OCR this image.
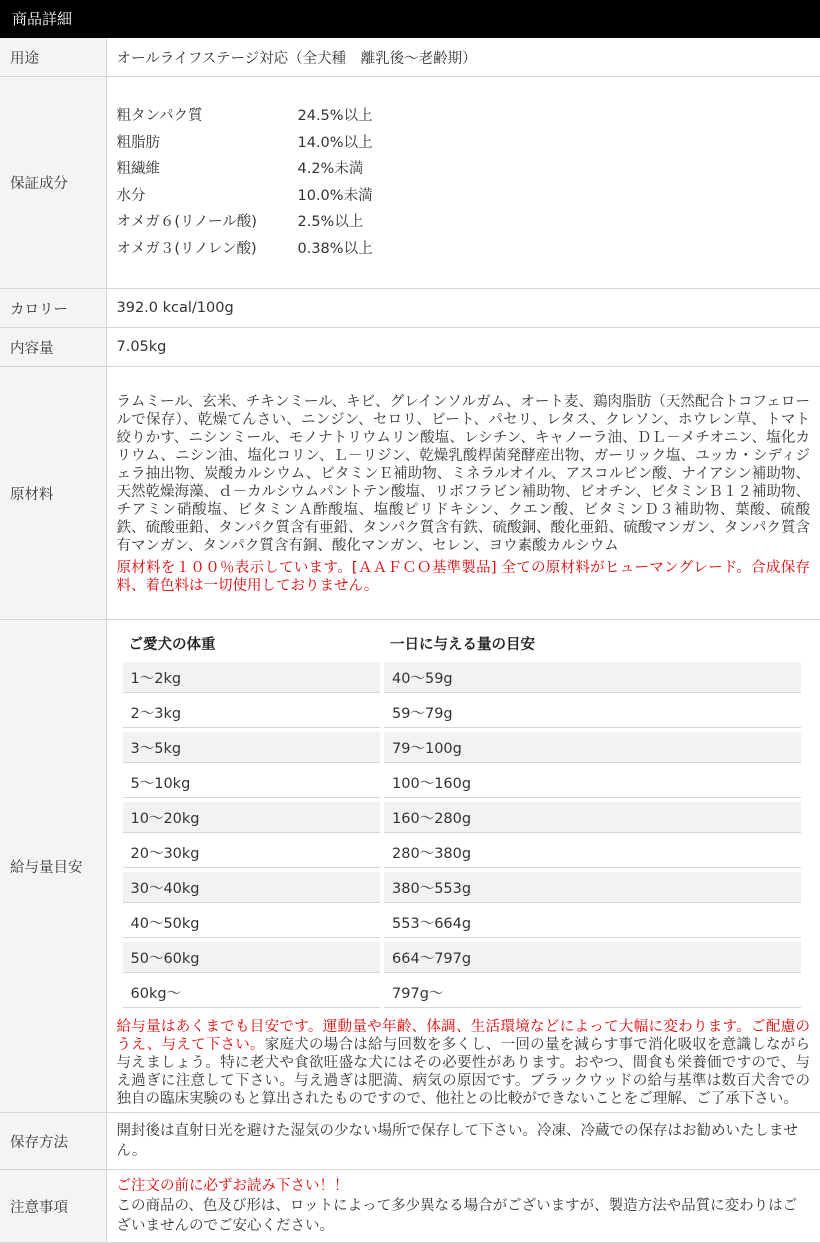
商品詳細
用途	オールライフステージ対応（全犬種　離乳後～老齢期）
保証成分	
粗タンパク質	24.5%以上
粗脂肪	14.0%以上
粗繊維	4.2%未満
水分	10.0%未満
オメガ６(リノール酸)	2.5%以上
オメガ３(リノレン酸)	0.38%以上

カロリー	392.0 kcal/100g
内容量	7.05kg
原材料	
ラムミール、玄米、チキンミール、キビ、グレインソルガム、オート麦、鶏肉脂肪（天然配合トコフェロールで保存）、乾燥てんさい、ニンジン、セロリ、ビート、パセリ、レタス、クレソン、ホウレン草、トマト絞りかす、ニシンミール、モノナトリウムリン酸塩、レシチン、キャノーラ油、ＤＬ－メチオニン、塩化カリウム、ニシン油、塩化コリン、Ｌ－リジン、乾燥乳酸桿菌発酵産出物、ガーリック塩、ユッカ・シディジェラ抽出物、炭酸カルシウム、ビタミンＥ補助物、ミネラルオイル、アスコルビン酸、ナイアシン補助物、天然乾燥海藻、ｄ－カルシウムパントテン酸塩、リボフラビン補助物、ビオチン、ビタミンＢ１２補助物、チアミン硝酸塩、ビタミンＡ酢酸塩、塩酸ピリドキシン、クエン酸、ビタミンＤ３補助物、葉酸、硫酸鉄、硫酸亜鉛、タンパク質含有亜鉛、タンパク質含有鉄、硫酸銅、酸化亜鉛、硫酸マンガン、タンパク質含有マンガン、タンパク質含有銅、酸化マンガン、セレン、ヨウ素酸カルシウム
原材料を１００％表示しています。[ＡＡＦＣＯ基準製品] 全ての原材料がヒューマングレード。合成保存料、着色料は一切使用しておりません。

給与量目安	
ご愛犬の体重	一日に与える量の目安
1～2kg	40～59g
2～3kg	59～79g
3～5kg	79～100g
5～10kg	100～160g
10～20kg	160～280g
20～30kg	280～380g
30～40kg	380～553g
40～50kg	553～664g
50～60kg	664～797g
60kg～	797g～
給与量はあくまでも目安です。運動量や年齢、体調、生活環境などによって大幅に変わります。ご配慮のうえ、与えて下さい。家庭犬の場合は給与回数を多くし、一回の量を減らす事で消化吸収を意識しながら与えましょう。特に老犬や食欲旺盛な犬にはその必要性があります。おやつ、間食も栄養価ですので、与え過ぎに注意して下さい。与え過ぎは肥満、病気の原因です。ブラックウッドの給与基準は数百犬舎での独自の臨床実験のもと算出されたものですので、他社との比較ができないことをご理解、ご了承下さい。

保存方法	
開封後は直射日光を避けた湿気の少ない場所で保存して下さい。冷凍、冷蔵での保存はお勧めいたしません。

注意事項	
ご注文の前に必ずお読み下さい！！
この商品の、色及び形は、ロットによって多少異なる場合がございますが、製造方法や品質に変わりはございませんのでご安心ください。
